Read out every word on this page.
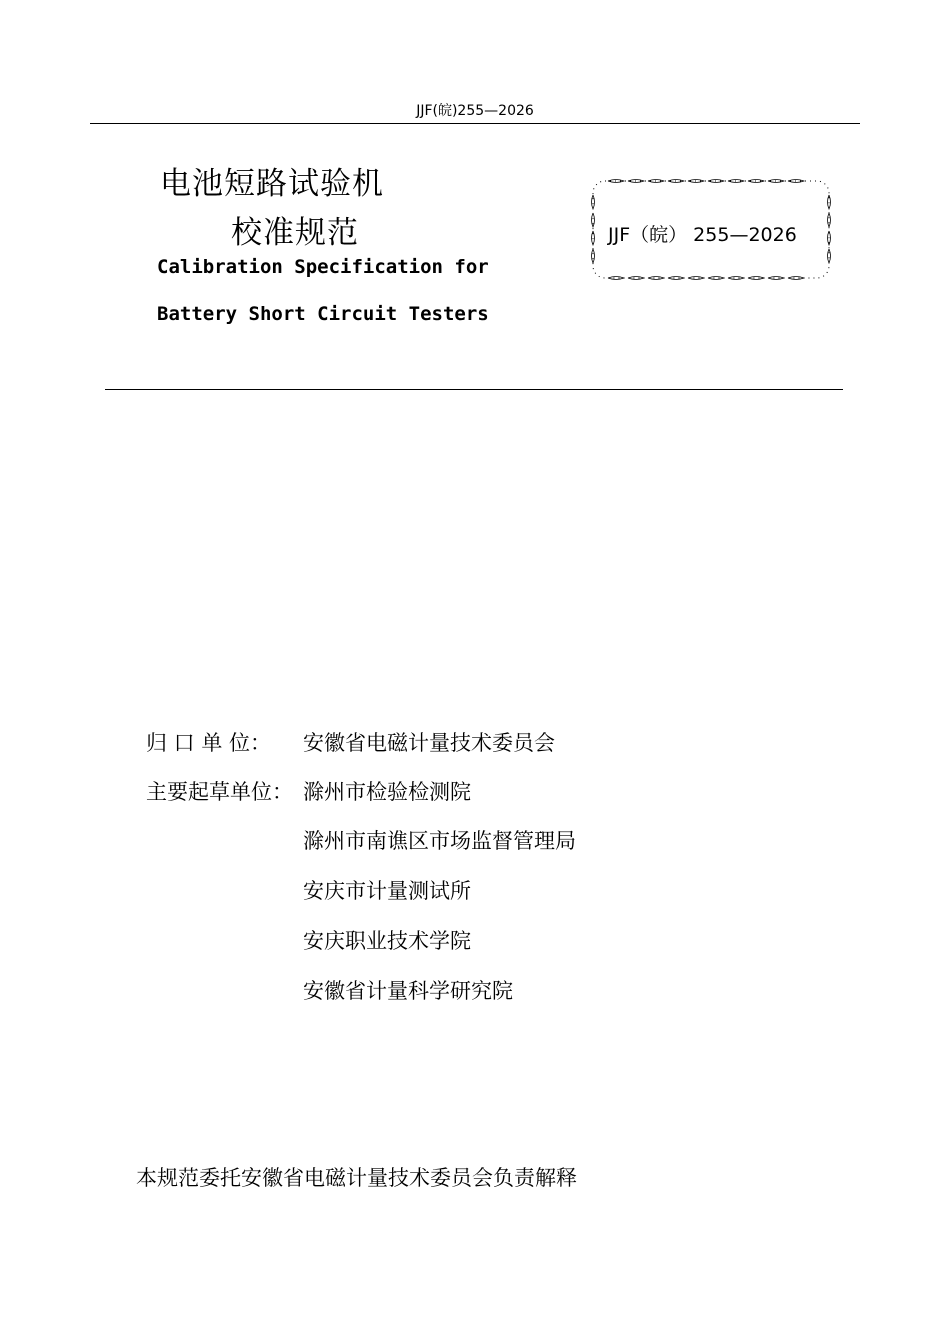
JJF(皖)255—2026
电池短路试验机
校准规范
Calibration Specification for
Battery Short Circuit Testers
JJF（皖） 255—2026
归 口 单 位： 安徽省电磁计量技术委员会
主要起草单位： 滁州市检验检测院
滁州市南谯区市场监督管理局
安庆市计量测试所
安庆职业技术学院
安徽省计量科学研究院
本规范委托安徽省电磁计量技术委员会负责解释
